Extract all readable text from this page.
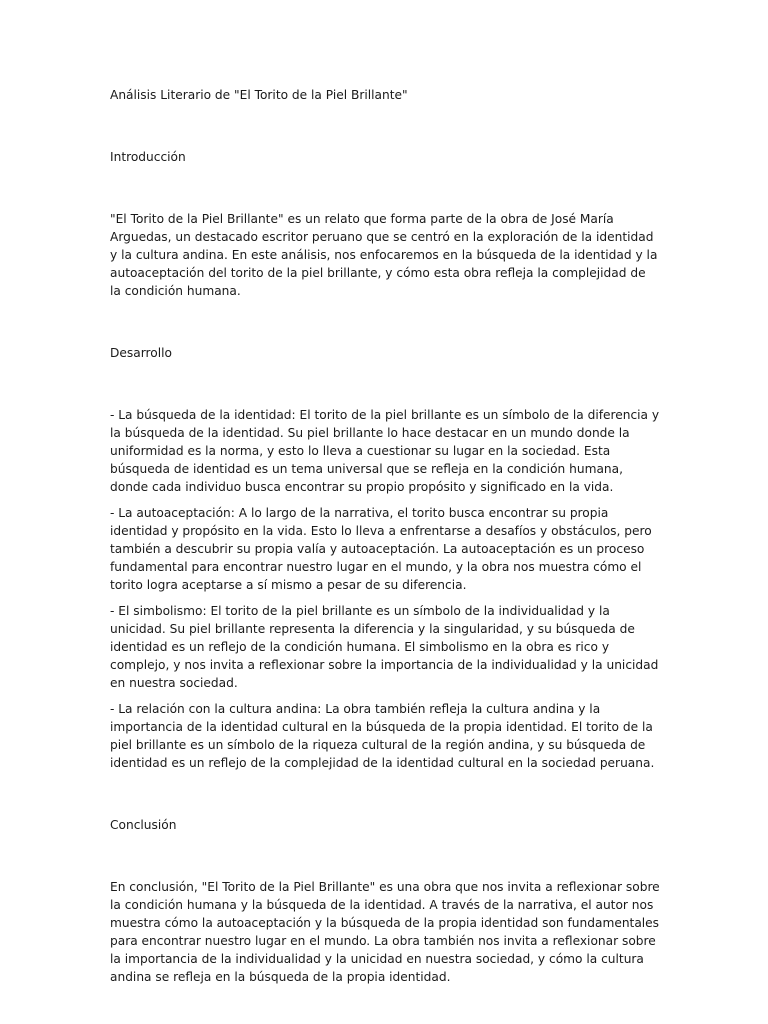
Análisis Literario de "El Torito de la Piel Brillante"

Introducción

"El Torito de la Piel Brillante" es un relato que forma parte de la obra de José María Arguedas, un destacado escritor peruano que se centró en la exploración de la identidad y la cultura andina. En este análisis, nos enfocaremos en la búsqueda de la identidad y la autoaceptación del torito de la piel brillante, y cómo esta obra refleja la complejidad de la condición humana.

Desarrollo

- La búsqueda de la identidad: El torito de la piel brillante es un símbolo de la diferencia y la búsqueda de la identidad. Su piel brillante lo hace destacar en un mundo donde la uniformidad es la norma, y esto lo lleva a cuestionar su lugar en la sociedad. Esta búsqueda de identidad es un tema universal que se refleja en la condición humana, donde cada individuo busca encontrar su propio propósito y significado en la vida.

- La autoaceptación: A lo largo de la narrativa, el torito busca encontrar su propia identidad y propósito en la vida. Esto lo lleva a enfrentarse a desafíos y obstáculos, pero también a descubrir su propia valía y autoaceptación. La autoaceptación es un proceso fundamental para encontrar nuestro lugar en el mundo, y la obra nos muestra cómo el torito logra aceptarse a sí mismo a pesar de su diferencia.

- El simbolismo: El torito de la piel brillante es un símbolo de la individualidad y la unicidad. Su piel brillante representa la diferencia y la singularidad, y su búsqueda de identidad es un reflejo de la condición humana. El simbolismo en la obra es rico y complejo, y nos invita a reflexionar sobre la importancia de la individualidad y la unicidad en nuestra sociedad.

- La relación con la cultura andina: La obra también refleja la cultura andina y la importancia de la identidad cultural en la búsqueda de la propia identidad. El torito de la piel brillante es un símbolo de la riqueza cultural de la región andina, y su búsqueda de identidad es un reflejo de la complejidad de la identidad cultural en la sociedad peruana.

Conclusión

En conclusión, "El Torito de la Piel Brillante" es una obra que nos invita a reflexionar sobre la condición humana y la búsqueda de la identidad. A través de la narrativa, el autor nos muestra cómo la autoaceptación y la búsqueda de la propia identidad son fundamentales para encontrar nuestro lugar en el mundo. La obra también nos invita a reflexionar sobre la importancia de la individualidad y la unicidad en nuestra sociedad, y cómo la cultura andina se refleja en la búsqueda de la propia identidad.
